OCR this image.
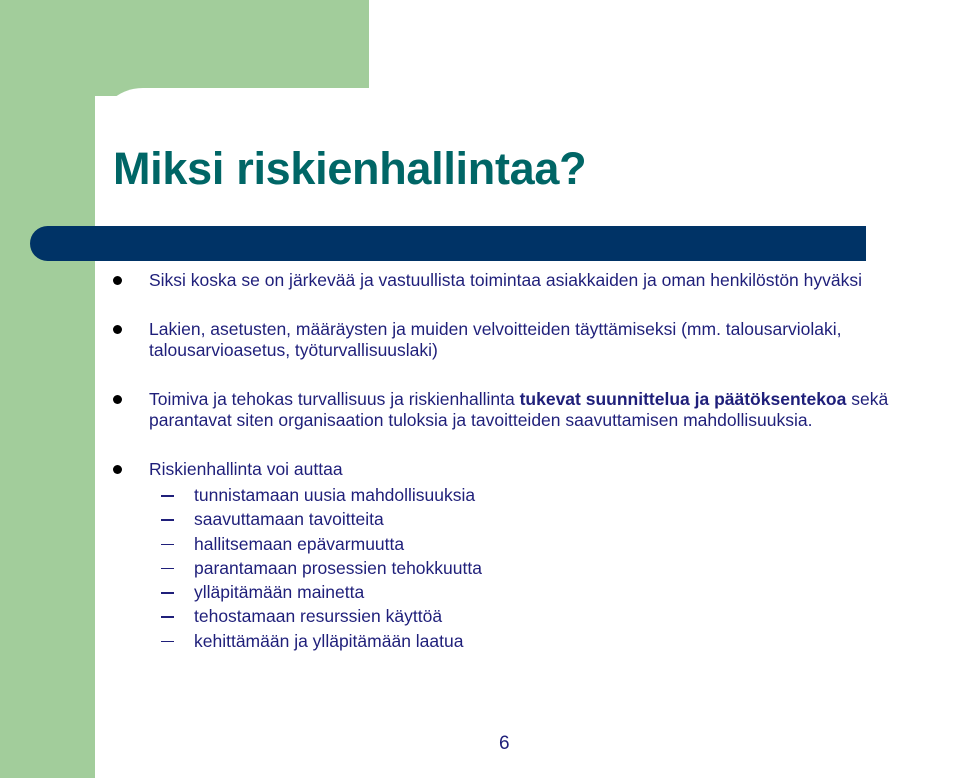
Miksi riskienhallintaa?
Siksi koska se on järkevää ja vastuullista toimintaa asiakkaiden ja oman henkilöstön hyväksi
Lakien, asetusten, määräysten ja muiden velvoitteiden täyttämiseksi (mm. talousarviolaki, talousarvioasetus, työturvallisuuslaki)
Toimiva ja tehokas turvallisuus ja riskienhallinta tukevat suunnittelua ja päätöksentekoa sekä parantavat siten organisaation tuloksia ja tavoitteiden saavuttamisen mahdollisuuksia.
Riskienhallinta voi auttaa
tunnistamaan uusia mahdollisuuksia
saavuttamaan tavoitteita
hallitsemaan epävarmuutta
parantamaan prosessien tehokkuutta
ylläpitämään mainetta
tehostamaan resurssien käyttöä
kehittämään ja ylläpitämään laatua
6
